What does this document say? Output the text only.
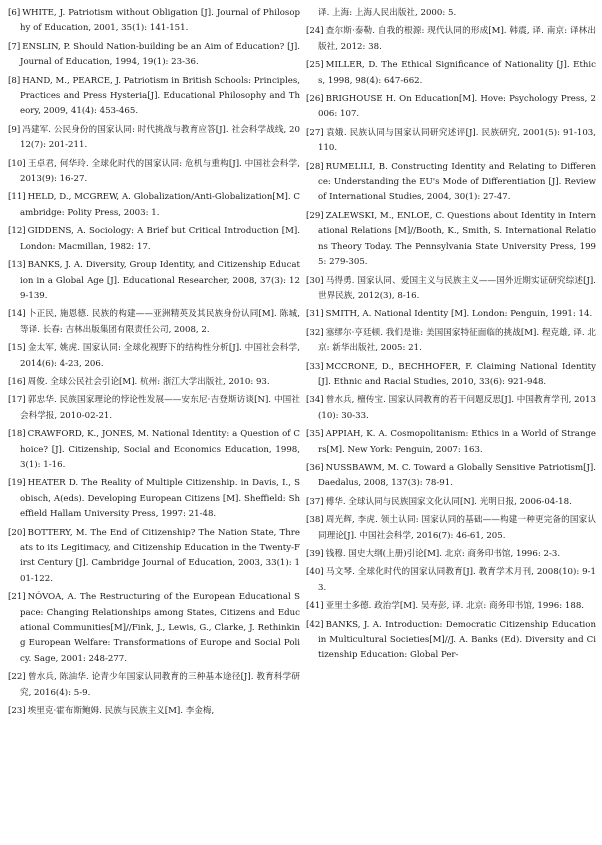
[6] WHITE, J. Patriotism without Obligation [J]. Journal of Philosophy of Education, 2001, 35(1): 141-151.
[7] ENSLIN, P. Should Nation-building be an Aim of Education? [J]. Journal of Education, 1994, 19(1): 23-36.
[8] HAND, M., PEARCE, J. Patriotism in British Schools: Principles, Practices and Press Hysteria[J]. Educational Philosophy and Theory, 2009, 41(4): 453-465.
[9] 冯建军. 公民身份的国家认同: 时代挑战与教育应答[J]. 社会科学战线, 2012(7): 201-211.
[10] 王卓君, 何华玲. 全球化时代的国家认同: 危机与重构[J]. 中国社会科学, 2013(9): 16-27.
[11] HELD, D., MCGREW, A. Globalization/Anti-Globalization[M]. Cambridge: Polity Press, 2003: 1.
[12] GIDDENS, A. Sociology: A Brief but Critical Introduction [M]. London: Macmillan, 1982: 17.
[13] BANKS, J. A. Diversity, Group Identity, and Citizenship Education in a Global Age [J]. Educational Researcher, 2008, 37(3): 129-139.
[14] 卜正民, 施恩德. 民族的构建——亚洲精英及其民族身份认同[M]. 陈城, 等译. 长春: 吉林出版集团有限责任公司, 2008, 2.
[15] 金太军, 姚虎. 国家认同: 全球化视野下的结构性分析[J]. 中国社会科学, 2014(6): 4-23, 206.
[16] 周俊. 全球公民社会引论[M]. 杭州: 浙江大学出版社, 2010: 93.
[17] 郭忠华. 民族国家理论的悖论性发展——安东尼·吉登斯访谈[N]. 中国社会科学报, 2010-02-21.
[18] CRAWFORD, K., JONES, M. National Identity: a Question of Choice? [J]. Citizenship, Social and Economics Education, 1998, 3(1): 1-16.
[19] HEATER D. The Reality of Multiple Citizenship. in Davis, I., Sobisch, A(eds). Developing European Citizens [M]. Sheffield: Sheffield Hallam University Press, 1997: 21-48.
[20] BOTTERY, M. The End of Citizenship? The Nation State, Threats to its Legitimacy, and Citizenship Education in the Twenty-First Century [J]. Cambridge Journal of Education, 2003, 33(1): 101-122.
[21] NÓVOA, A. The Restructuring of the European Educational Space: Changing Relationships among States, Citizens and Educational Communities[M]//Fink, J., Lewis, G., Clarke, J. Rethinking European Welfare: Transformations of Europe and Social Policy. Sage, 2001: 248-277.
[22] 曾水兵, 陈油华. 论青少年国家认同教育的三种基本途径[J]. 教育科学研究, 2016(4): 5-9.
[23] 埃里克·霍布斯鲍姆. 民族与民族主义[M]. 李金梅,
译. 上海: 上海人民出版社, 2000: 5.
[24] 查尔斯·泰勒. 自我的根源: 现代认同的形成[M]. 韩震, 译. 南京: 译林出版社, 2012: 38.
[25] MILLER, D. The Ethical Significance of Nationality [J]. Ethics, 1998, 98(4): 647-662.
[26] BRIGHOUSE H. On Education[M]. Hove: Psychology Press, 2006: 107.
[27] 袁娥. 民族认同与国家认同研究述评[J]. 民族研究, 2001(5): 91-103, 110.
[28] RUMELILI, B. Constructing Identity and Relating to Difference: Understanding the EU's Mode of Differentiation [J]. Review of International Studies, 2004, 30(1): 27-47.
[29] ZALEWSKI, M., ENLOE, C. Questions about Identity in International Relations [M]//Booth, K., Smith, S. International Relations Theory Today. The Pennsylvania State University Press, 1995: 279-305.
[30] 马得勇. 国家认同、爱国主义与民族主义——国外近期实证研究综述[J]. 世界民族, 2012(3), 8-16.
[31] SMITH, A. National Identity [M]. London: Penguin, 1991: 14.
[32] 塞缪尔·亨廷顿. 我们是谁: 美国国家特征面临的挑战[M]. 程克雄, 译. 北京: 新华出版社, 2005: 21.
[33] MCCRONE, D., BECHHOFER, F. Claiming National Identity[J]. Ethnic and Racial Studies, 2010, 33(6): 921-948.
[34] 曾水兵, 檀传宝. 国家认同教育的若干问题反思[J]. 中国教育学刊, 2013(10): 30-33.
[35] APPIAH, K. A. Cosmopolitanism: Ethics in a World of Strangers[M]. New York: Penguin, 2007: 163.
[36] NUSSBAWM, M. C. Toward a Globally Sensitive Patriotism[J]. Daedalus, 2008, 137(3): 78-91.
[37] 傅华. 全球认同与民族国家文化认同[N]. 光明日报, 2006-04-18.
[38] 周光辉, 李虎. 领土认同: 国家认同的基础——构建一种更完备的国家认同理论[J]. 中国社会科学, 2016(7): 46-61, 205.
[39] 钱穆. 国史大纲(上册)引论[M]. 北京: 商务印书馆, 1996: 2-3.
[40] 马文琴. 全球化时代的国家认同教育[J]. 教育学术月刊, 2008(10): 9-13.
[41] 亚里士多德. 政治学[M]. 吴寿彭, 译. 北京: 商务印书馆, 1996: 188.
[42] BANKS, J. A. Introduction: Democratic Citizenship Education in Multicultural Societies[M]//J. A. Banks (Ed). Diversity and Citizenship Education: Global Per-
